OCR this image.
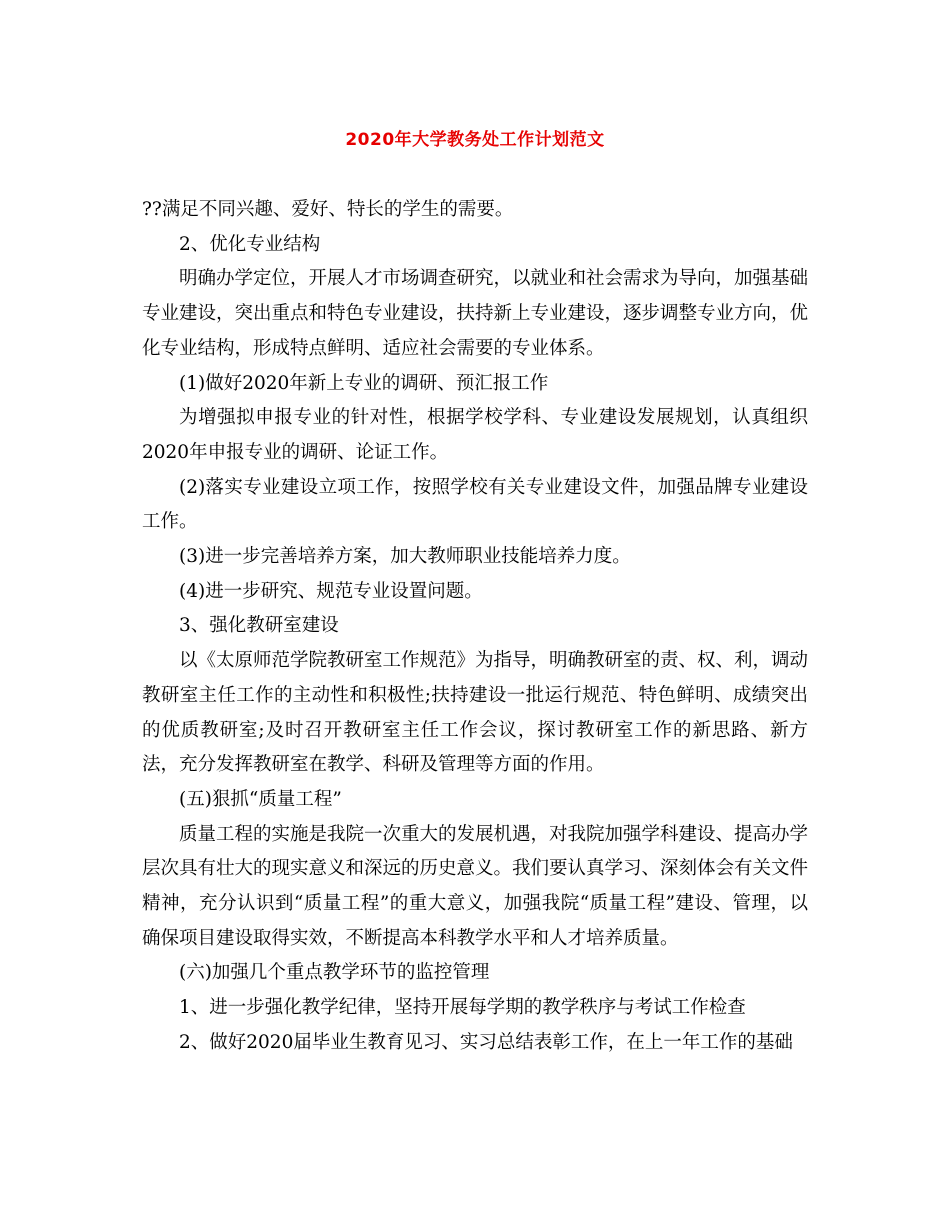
2020年大学教务处工作计划范文

??满足不同兴趣、爱好、特长的学生的需要。

2、优化专业结构

明确办学定位，开展人才市场调查研究，以就业和社会需求为导向，加强基础专业建设，突出重点和特色专业建设，扶持新上专业建设，逐步调整专业方向，优化专业结构，形成特点鲜明、适应社会需要的专业体系。

(1)做好2020年新上专业的调研、预汇报工作

为增强拟申报专业的针对性，根据学校学科、专业建设发展规划，认真组织2020年申报专业的调研、论证工作。

(2)落实专业建设立项工作，按照学校有关专业建设文件，加强品牌专业建设工作。

(3)进一步完善培养方案，加大教师职业技能培养力度。

(4)进一步研究、规范专业设置问题。

3、强化教研室建设

以《太原师范学院教研室工作规范》为指导，明确教研室的责、权、利，调动教研室主任工作的主动性和积极性;扶持建设一批运行规范、特色鲜明、成绩突出的优质教研室;及时召开教研室主任工作会议，探讨教研室工作的新思路、新方法，充分发挥教研室在教学、科研及管理等方面的作用。

(五)狠抓“质量工程”

质量工程的实施是我院一次重大的发展机遇，对我院加强学科建设、提高办学层次具有壮大的现实意义和深远的历史意义。我们要认真学习、深刻体会有关文件精神，充分认识到“质量工程”的重大意义，加强我院“质量工程”建设、管理，以确保项目建设取得实效，不断提高本科教学水平和人才培养质量。

(六)加强几个重点教学环节的监控管理

1、进一步强化教学纪律，坚持开展每学期的教学秩序与考试工作检查

2、做好2020届毕业生教育见习、实习总结表彰工作，在上一年工作的基础
